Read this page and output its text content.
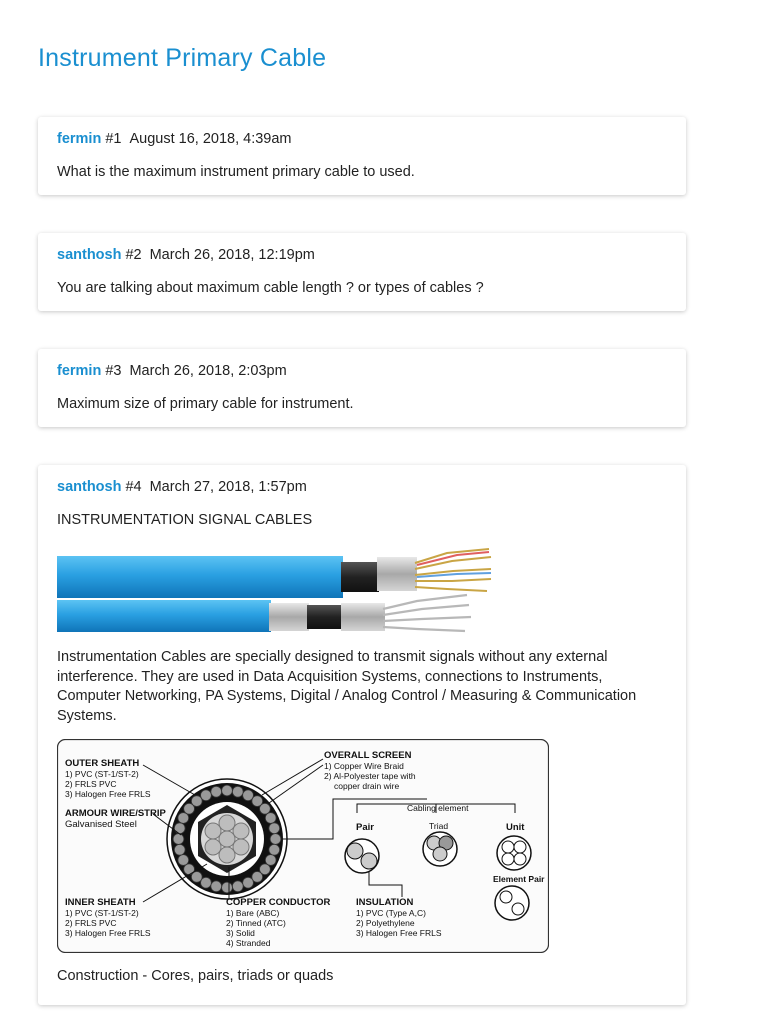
Instrument Primary Cable
fermin #1 August 16, 2018, 4:39am
What is the maximum instrument primary cable to used.
santhosh #2 March 26, 2018, 12:19pm
You are talking about maximum cable length ? or types of cables ?
fermin #3 March 26, 2018, 2:03pm
Maximum size of primary cable for instrument.
santhosh #4 March 27, 2018, 1:57pm
INSTRUMENTATION SIGNAL CABLES
Instrumentation Cables are specially designed to transmit signals without any external interference. They are used in Data Acquisition Systems, connections to Instruments, Computer Networking, PA Systems, Digital / Analog Control / Measuring & Communication Systems.
OUTER SHEATH
1) PVC (ST-1/ST-2)
2) FRLS PVC
3) Halogen Free FRLS
ARMOUR WIRE/STRIP
Galvanised Steel
INNER SHEATH
1) PVC (ST-1/ST-2)
2) FRLS PVC
3) Halogen Free FRLS
OVERALL SCREEN
1) Copper Wire Braid
2) Al-Polyester tape with
copper drain wire
COPPER CONDUCTOR
1) Bare (ABC)
2) Tinned (ATC)
3) Solid
4) Stranded
INSULATION
1) PVC (Type A,C)
2) Polyethylene
3) Halogen Free FRLS
Cabling element
Pair	Triad	Unit
Element Pair
Construction - Cores, pairs, triads or quads
